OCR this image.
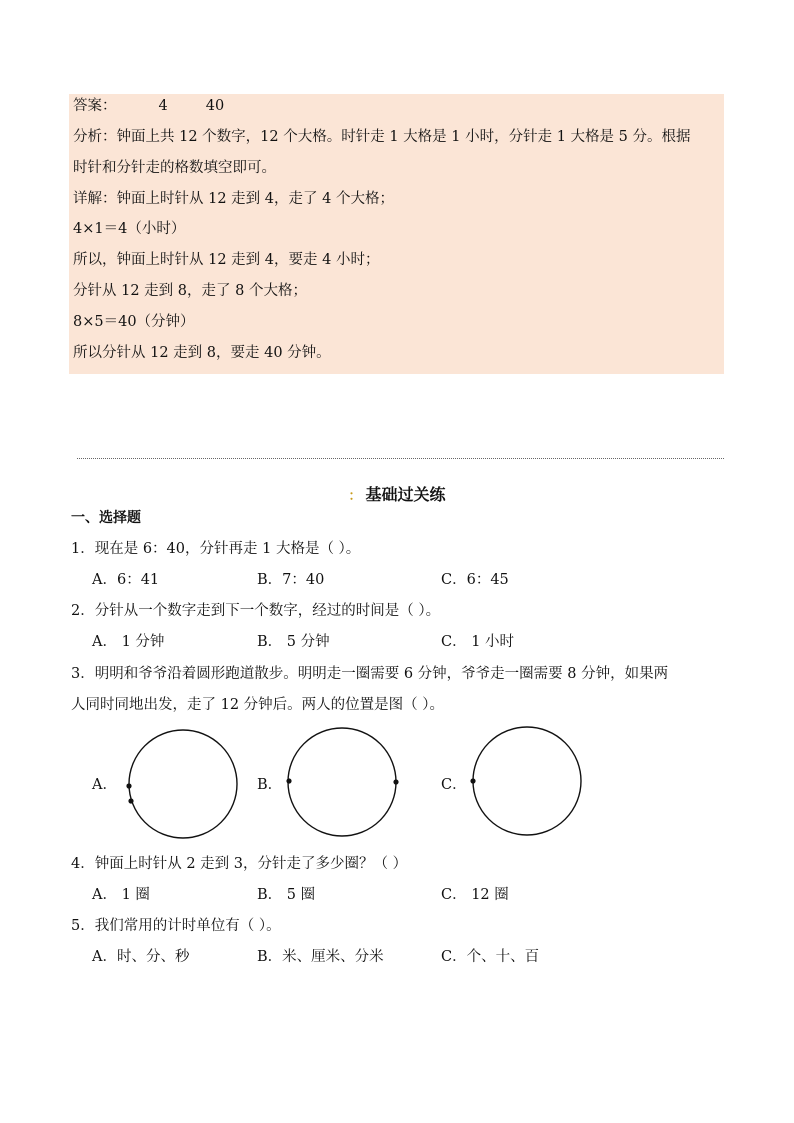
答案：	4	40
分析：钟面上共 12 个数字，12 个大格。时针走 1 大格是 1 小时，分针走 1 大格是 5 分。根据
时针和分针走的格数填空即可。
详解：钟面上时针从 12 走到 4，走了 4 个大格；
4×1＝4（小时）
所以，钟面上时针从 12 走到 4，要走 4 小时；
分针从 12 走到 8，走了 8 个大格；
8×5＝40（分钟）
所以分针从 12 走到 8，要走 40 分钟。
： 基础过关练
一、选择题
1．现在是 6：40，分针再走 1 大格是（ ）。
A．6：41	B．7：40	C．6：45
2．分针从一个数字走到下一个数字，经过的时间是（ ）。
A． 1 分钟	B． 5 分钟	C． 1 小时
3．明明和爷爷沿着圆形跑道散步。明明走一圈需要 6 分钟，爷爷走一圈需要 8 分钟，如果两
人同时同地出发，走了 12 分钟后。两人的位置是图（ ）。
A．	B．	C．
4．钟面上时针从 2 走到 3，分针走了多少圈？（ ）
A． 1 圈	B． 5 圈	C． 12 圈
5．我们常用的计时单位有（ ）。
A．时、分、秒	B．米、厘米、分米	C．个、十、百
